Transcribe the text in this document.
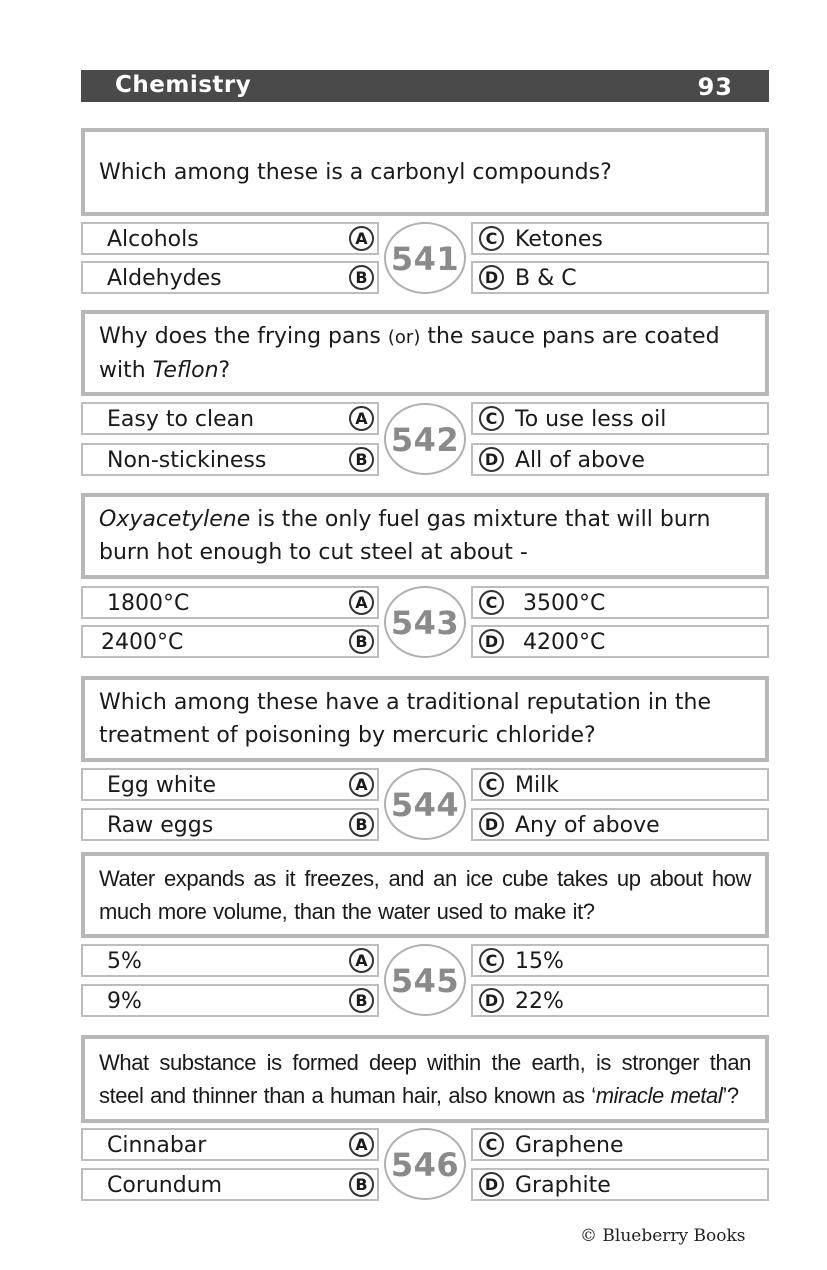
Chemistry	93
Which among these is a carbonyl compounds?
Alcohols	A
Aldehydes	B
C Ketones
D B & C
541
Why does the frying pans (or) the sauce pans are coated with Teflon?
Easy to clean	A
Non-stickiness	B
C To use less oil
D All of above
542
Oxyacetylene is the only fuel gas mixture that will burn burn hot enough to cut steel at about -
1800°C	A
2400°C	B
C	3500°C
D 4200°C
543
Which among these have a traditional reputation in the treatment of poisoning by mercuric chloride?
Egg white	A
Raw eggs	B
C Milk
D Any of above
544
Water expands as it freezes, and an ice cube takes up about how much more volume, than the water used to make it?
5%	A
9%	B
C 15%
D 22%
545
What substance is formed deep within the earth, is stronger than steel and thinner than a human hair, also known as ‘miracle metal’?
Cinnabar	A
Corundum	B
C Graphene
D Graphite
546
© Blueberry Books
